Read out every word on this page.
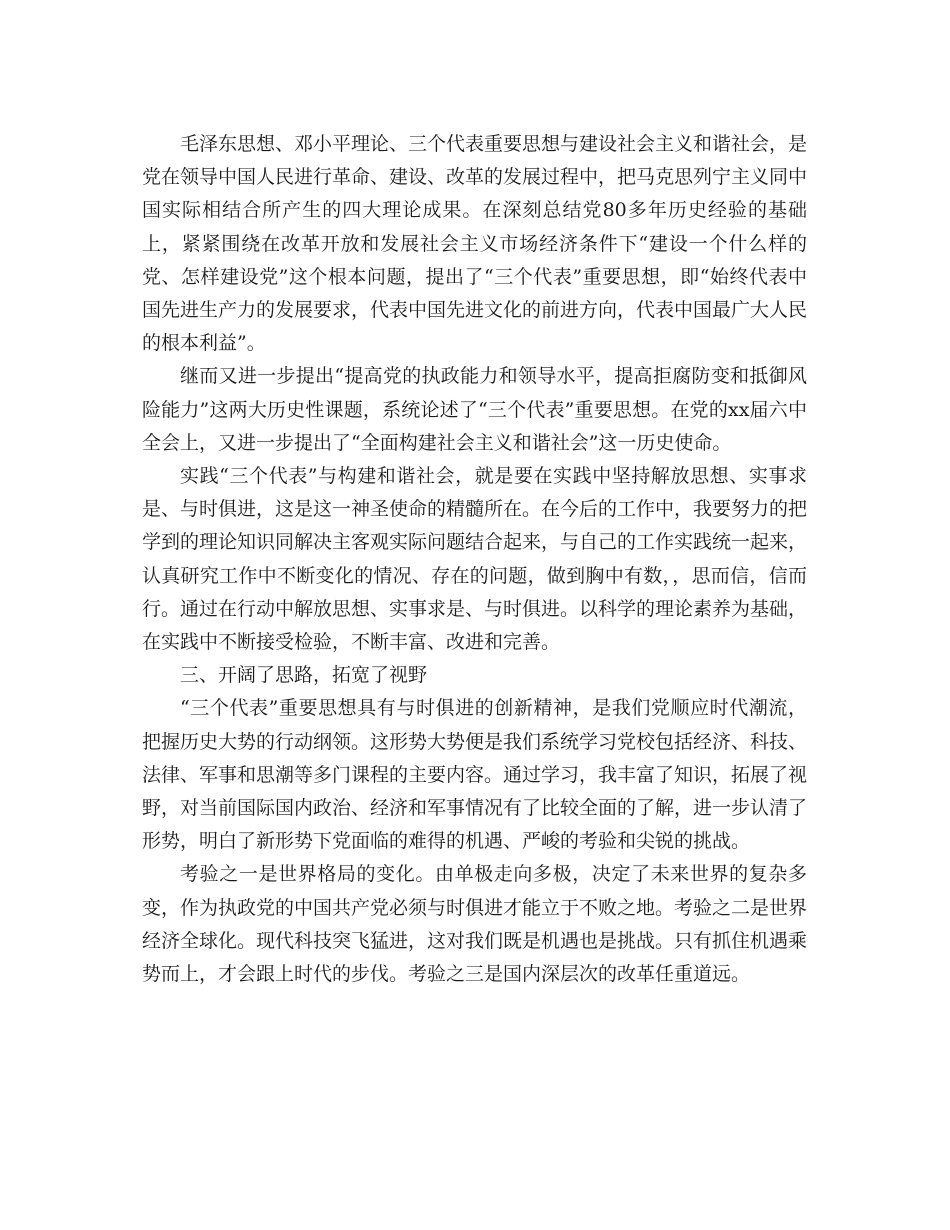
毛泽东思想、邓小平理论、三个代表重要思想与建设社会主义和谐社会，是党在领导中国人民进行革命、建设、改革的发展过程中，把马克思列宁主义同中国实际相结合所产生的四大理论成果。在深刻总结党80多年历史经验的基础上，紧紧围绕在改革开放和发展社会主义市场经济条件下“建设一个什么样的党、怎样建设党”这个根本问题，提出了“三个代表”重要思想，即“始终代表中国先进生产力的发展要求，代表中国先进文化的前进方向，代表中国最广大人民的根本利益”。

继而又进一步提出“提高党的执政能力和领导水平，提高拒腐防变和抵御风险能力”这两大历史性课题，系统论述了“三个代表”重要思想。在党的xx届六中全会上，又进一步提出了“全面构建社会主义和谐社会”这一历史使命。

实践“三个代表”与构建和谐社会，就是要在实践中坚持解放思想、实事求是、与时俱进，这是这一神圣使命的精髓所在。在今后的工作中，我要努力的把学到的理论知识同解决主客观实际问题结合起来，与自己的工作实践统一起来，认真研究工作中不断变化的情况、存在的问题，做到胸中有数，，思而信，信而行。通过在行动中解放思想、实事求是、与时俱进。以科学的理论素养为基础，在实践中不断接受检验，不断丰富、改进和完善。

三、开阔了思路，拓宽了视野

“三个代表”重要思想具有与时俱进的创新精神，是我们党顺应时代潮流，把握历史大势的行动纲领。这形势大势便是我们系统学习党校包括经济、科技、法律、军事和思潮等多门课程的主要内容。通过学习，我丰富了知识，拓展了视野，对当前国际国内政治、经济和军事情况有了比较全面的了解，进一步认清了形势，明白了新形势下党面临的难得的机遇、严峻的考验和尖锐的挑战。

考验之一是世界格局的变化。由单极走向多极，决定了未来世界的复杂多变，作为执政党的中国共产党必须与时俱进才能立于不败之地。考验之二是世界经济全球化。现代科技突飞猛进，这对我们既是机遇也是挑战。只有抓住机遇乘势而上，才会跟上时代的步伐。考验之三是国内深层次的改革任重道远。
